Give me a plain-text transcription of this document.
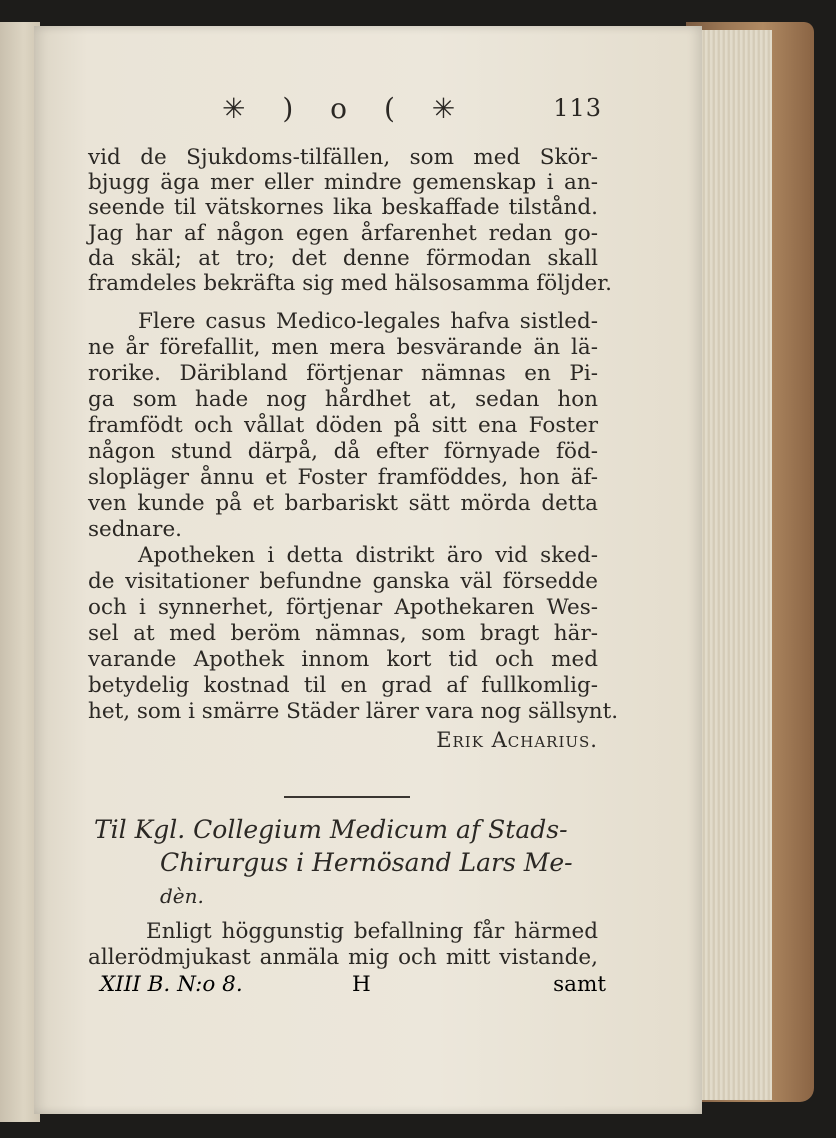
✳ ) o ( ✳	113
vid de Sjukdoms-tilfällen, som med Skör-
bjugg äga mer eller mindre gemenskap i an-
seende til vätskornes lika beskaffade tilstånd.
Jag har af någon egen årfarenhet redan go-
da skäl; at tro; det denne förmodan skall
framdeles bekräfta sig med hälsosamma följder.
Flere casus Medico-legales hafva sistled-
ne år förefallit, men mera besvärande än lä-
rorike. Däribland förtjenar nämnas en Pi-
ga som hade nog hårdhet at, sedan hon
framfödt och vållat döden på sitt ena Foster
någon stund därpå, då efter förnyade föd-
slopläger ånnu et Foster framföddes, hon äf-
ven kunde på et barbariskt sätt mörda detta
sednare.
Apotheken i detta distrikt äro vid sked-
de visitationer befundne ganska väl försedde
och i synnerhet, förtjenar Apothekaren Wes-
sel at med beröm nämnas, som bragt här-
varande Apothek innom kort tid och med
betydelig kostnad til en grad af fullkomlig-
het, som i smärre Städer lärer vara nog sällsynt.
Erik Acharius.
Til Kgl. Collegium Medicum af Stads-
Chirurgus i Hernösand Lars Me-
dèn.
Enligt höggunstig befallning får härmed
allerödmjukast anmäla mig och mitt vistande,
XIII B. N:o 8.	H	samt
